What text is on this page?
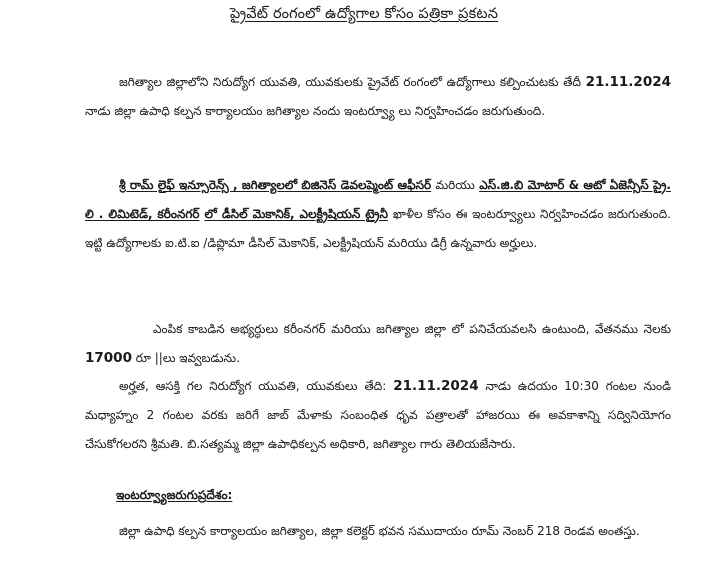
ప్రైవేట్ రంగంలో ఉద్యోగాల కోసం పత్రికా ప్రకటన
జగిత్యాల జిల్లాలోని నిరుద్యోగ యువతి, యువకులకు ప్రైవేట్ రంగంలో ఉద్యోగాలు కల్పించుటకు తేదీ 21.11.2024 నాడు జిల్లా ఉపాధి కల్పన కార్యాలయం జగిత్యాల నందు ఇంటర్వ్యూ లు నిర్వహించడం జరుగుతుంది.
శ్రీ రామ్ లైఫ్ ఇన్సూరెన్స్ , జగిత్యాలలో బిజినెస్ డెవలప్మెంట్ ఆఫీసర్ మరియు ఎస్.జి.బి మోటార్ & ఆటో ఏజెన్సీస్ ప్రై. లి . లిమిటెడ్, కరీంనగర్ లో డీసిల్ మెకానిక్, ఎలక్ట్రీషియన్ ట్రైనీ ఖాళీల కోసం ఈ ఇంటర్వ్యూలు నిర్వహించడం జరుగుతుంది. ఇట్టి ఉద్యోగాలకు ఐ.టి.ఐ /డిప్లొమా డీసిల్ మెకానిక్, ఎలక్ట్రీషియన్ మరియు డిగ్రీ ఉన్నవారు అర్హులు.
ఎంపిక కాబడిన అభ్యర్ధులు కరీంనగర్ మరియు జగిత్యాల జిల్లా లో పనిచేయవలసి ఉంటుంది, వేతనము నెలకు 17000 రూ ||లు ఇవ్వబడును.
అర్హత, ఆసక్తి గల నిరుద్యోగ యువతి, యువకులు తేది: 21.11.2024 నాడు ఉదయం 10:30 గంటల నుండి మధ్యాహ్నం 2 గంటల వరకు జరిగే జాబ్ మేళాకు సంబంధిత ధృవ పత్రాలతో హాజరయి ఈ అవకాశాన్ని సద్వినియోగం చేసుకోగలరని శ్రీమతి. బి.సత్యమ్మ జిల్లా ఉపాధికల్పన అధికారి, జగిత్యాల గారు తెలియజేసారు.
ఇంటర్వ్యూజరుగుప్రదేశం:
జిల్లా ఉపాధి కల్పన కార్యాలయం జగిత్యాల, జిల్లా కలెక్టర్ భవన సముదాయం రూమ్ నెంబర్ 218 రెండవ అంతస్తు.
